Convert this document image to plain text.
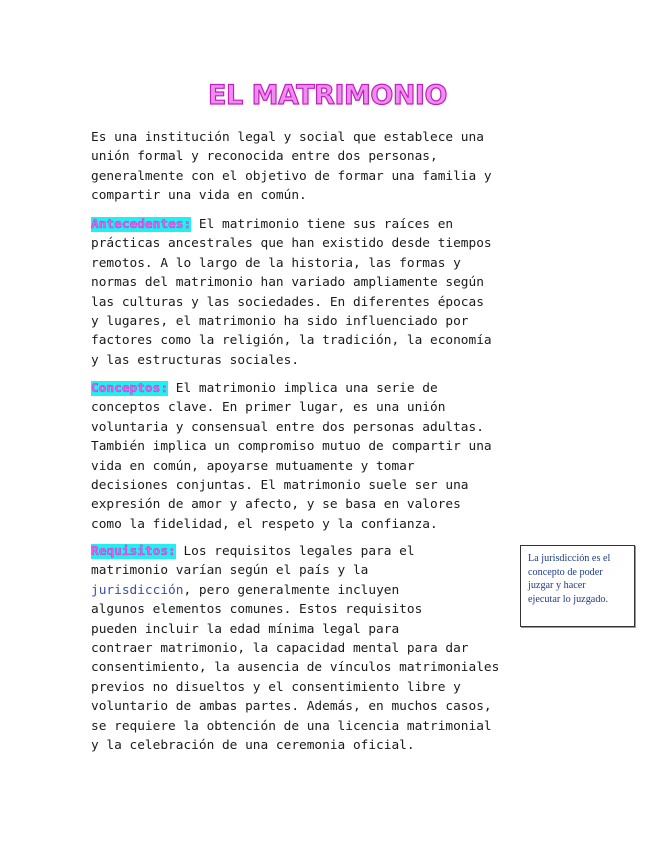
EL MATRIMONIO

Es una institución legal y social que establece una
unión formal y reconocida entre dos personas,
generalmente con el objetivo de formar una familia y
compartir una vida en común.

Antecedentes: El matrimonio tiene sus raíces en
prácticas ancestrales que han existido desde tiempos
remotos. A lo largo de la historia, las formas y
normas del matrimonio han variado ampliamente según
las culturas y las sociedades. En diferentes épocas
y lugares, el matrimonio ha sido influenciado por
factores como la religión, la tradición, la economía
y las estructuras sociales.

Conceptos: El matrimonio implica una serie de
conceptos clave. En primer lugar, es una unión
voluntaria y consensual entre dos personas adultas.
También implica un compromiso mutuo de compartir una
vida en común, apoyarse mutuamente y tomar
decisiones conjuntas. El matrimonio suele ser una
expresión de amor y afecto, y se basa en valores
como la fidelidad, el respeto y la confianza.

Requisitos: Los requisitos legales para el
matrimonio varían según el país y la
jurisdicción, pero generalmente incluyen
algunos elementos comunes. Estos requisitos
pueden incluir la edad mínima legal para
contraer matrimonio, la capacidad mental para dar
consentimiento, la ausencia de vínculos matrimoniales
previos no disueltos y el consentimiento libre y
voluntario de ambas partes. Además, en muchos casos,
se requiere la obtención de una licencia matrimonial
y la celebración de una ceremonia oficial.

La jurisdicción es el
concepto de poder
juzgar y hacer
ejecutar lo juzgado.
